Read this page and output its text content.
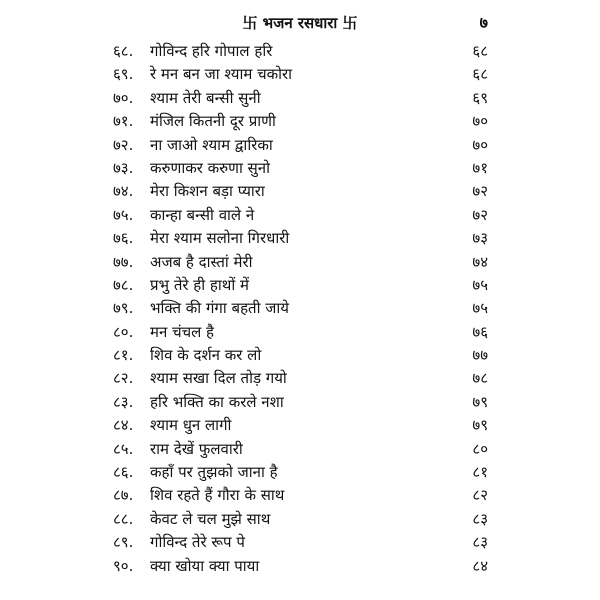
卐 भजन रसधारा 卐	७
६८. गोविन्द हरि गोपाल हरि	६८
६९. रे मन बन जा श्याम चकोरा	६८
७०. श्याम तेरी बन्सी सुनी	६९
७१. मंजिल कितनी दूर प्राणी	७०
७२. ना जाओ श्याम द्वारिका	७०
७३. करुणाकर करुणा सुनो	७१
७४. मेरा किशन बड़ा प्यारा	७२
७५. कान्हा बन्सी वाले ने	७२
७६. मेरा श्याम सलोना गिरधारी	७३
७७. अजब है दास्तां मेरी	७४
७८. प्रभु तेरे ही हाथों में	७५
७९. भक्ति की गंगा बहती जाये	७५
८०. मन चंचल है	७६
८१. शिव के दर्शन कर लो	७७
८२. श्याम सखा दिल तोड़ गयो	७८
८३. हरि भक्ति का करले नशा	७९
८४. श्याम धुन लागी	७९
८५. राम देखें फुलवारी	८०
८६. कहाँ पर तुझको जाना है	८१
८७. शिव रहते हैं गौरा के साथ	८२
८८. केवट ले चल मुझे साथ	८३
८९. गोविन्द तेरे रूप पे	८३
९०. क्या खोया क्या पाया	८४
